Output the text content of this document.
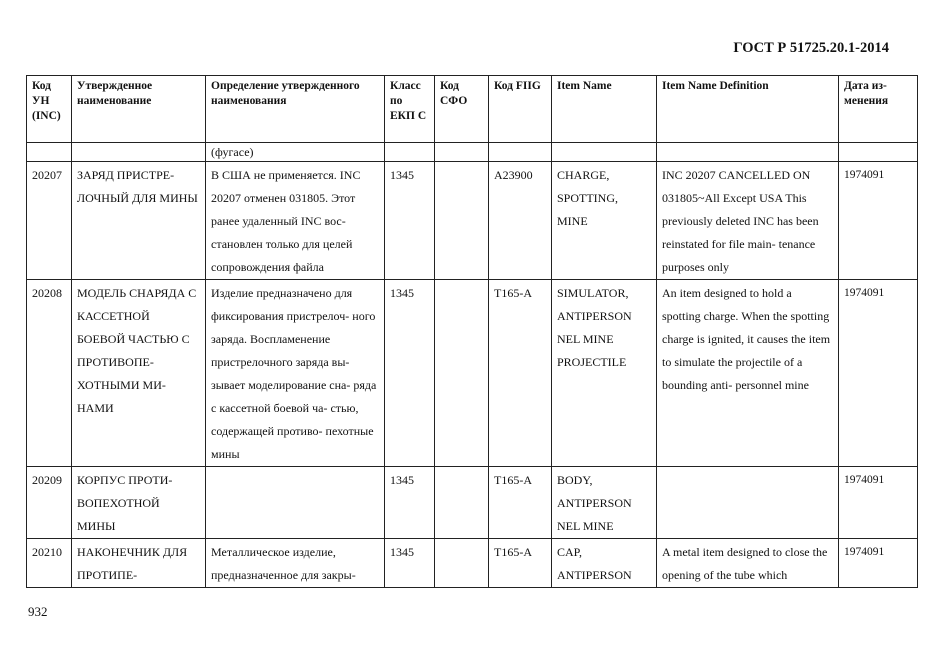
ГОСТ Р 51725.20.1-2014
Код УН (INC)	Утвержденное наименование	Определение утвержденного наименования	Класс по ЕКП С	Код СФО	Код FIIG	Item Name	Item Name Definition	Дата из- менения
		(фугасе)						
20207	ЗАРЯД ПРИСТРЕ- ЛОЧНЫЙ ДЛЯ МИНЫ	В США не применяется. INC 20207 отменен 031805. Этот ранее удаленный INC вос- становлен только для целей сопровождения файла	1345		A23900	CHARGE, SPOTTING, MINE	INC 20207 CANCELLED ON 031805~All Except USA This previously deleted INC has been reinstated for file main- tenance purposes only	1974091
20208	МОДЕЛЬ СНАРЯДА С КАССЕТНОЙ БОЕВОЙ ЧАСТЬЮ С ПРОТИВОПЕ- ХОТНЫМИ МИ- НАМИ	Изделие предназначено для фиксирования пристрелоч- ного заряда. Воспламенение пристрелочного заряда вы- зывает моделирование сна- ряда с кассетной боевой ча- стью, содержащей противо- пехотные мины	1345		T165-A	SIMULATOR, ANTIPERSON NEL MINE PROJECTILE	An item designed to hold a spotting charge. When the spotting charge is ignited, it causes the item to simulate the projectile of a bounding anti- personnel mine	1974091
20209	КОРПУС ПРОТИ- ВОПЕХОТНОЙ МИНЫ		1345		T165-A	BODY, ANTIPERSON NEL MINE		1974091
20210	НАКОНЕЧНИК ДЛЯ ПРОТИПЕ-	Металлическое изделие, предназначенное для закры-	1345		T165-A	CAP, ANTIPERSON	A metal item designed to close the opening of the tube which	1974091
932
